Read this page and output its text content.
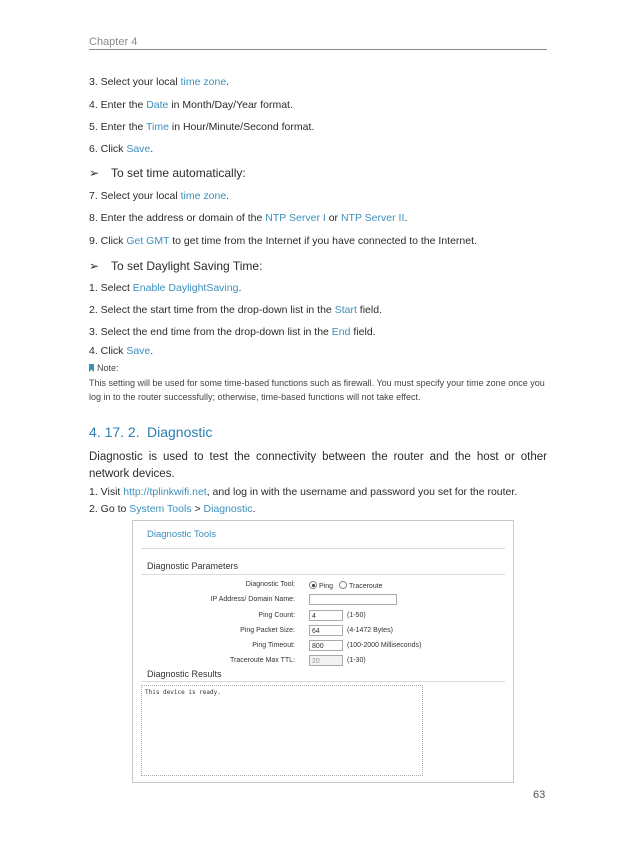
Chapter 4
3. Select your local time zone.
4. Enter the Date in Month/Day/Year format.
5. Enter the Time in Hour/Minute/Second format.
6. Click Save.
➢ To set time automatically:
7. Select your local time zone.
8. Enter the address or domain of the NTP Server I or NTP Server II.
9. Click Get GMT to get time from the Internet if you have connected to the Internet.
➢ To set Daylight Saving Time:
1. Select Enable DaylightSaving.
2. Select the start time from the drop-down list in the Start field.
3. Select the end time from the drop-down list in the End field.
4. Click Save.
Note:
This setting will be used for some time-based functions such as firewall. You must specify your time zone once you log in to the router successfully; otherwise, time-based functions will not take effect.
4. 17. 2. Diagnostic
Diagnostic is used to test the connectivity between the router and the host or other network devices.
1. Visit http://tplinkwifi.net, and log in with the username and password you set for the router.
2. Go to System Tools > Diagnostic.
Diagnostic Tools
Diagnostic Parameters
Diagnostic Tool:	Ping Traceroute
IP Address/ Domain Name:
Ping Count:	4	(1-50)
Ping Packet Size:	64	(4-1472 Bytes)
Ping Timeout:	800	(100-2000 Milliseconds)
Traceroute Max TTL:	20	(1-30)
Diagnostic Results
This device is ready.
63
